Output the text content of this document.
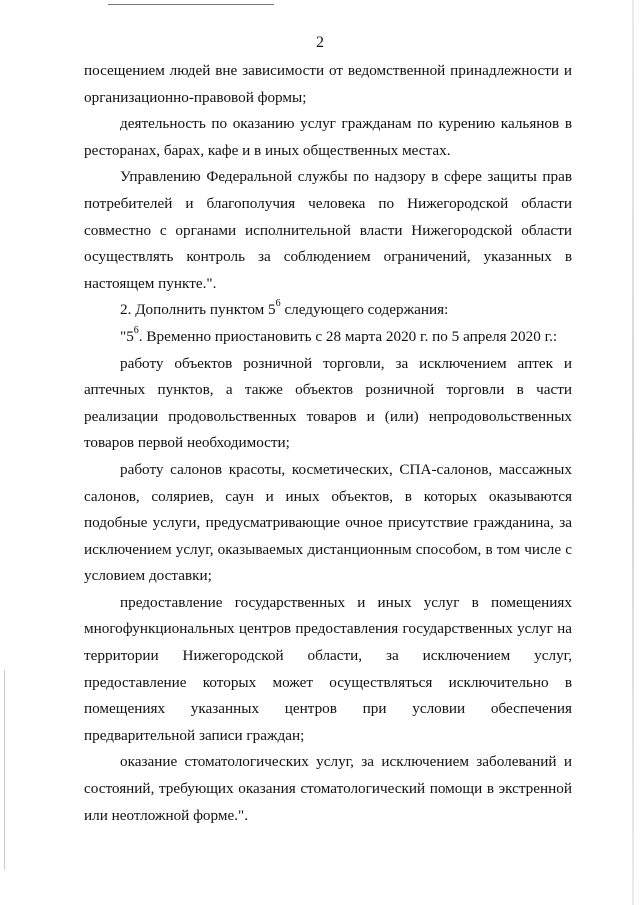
2

посещением людей вне зависимости от ведомственной принадлежности и организационно-правовой формы;

деятельность по оказанию услуг гражданам по курению кальянов в ресторанах, барах, кафе и в иных общественных местах.

Управлению Федеральной службы по надзору в сфере защиты прав потребителей и благополучия человека по Нижегородской области совместно с органами исполнительной власти Нижегородской области осуществлять контроль за соблюдением ограничений, указанных в настоящем пункте.".

2. Дополнить пунктом $5^6$ следующего содержания:

"$5^6$. Временно приостановить с 28 марта 2020 г. по 5 апреля 2020 г.:

работу объектов розничной торговли, за исключением аптек и аптечных пунктов, а также объектов розничной торговли в части реализации продовольственных товаров и (или) непродовольственных товаров первой необходимости;

работу салонов красоты, косметических, СПА-салонов, массажных салонов, соляриев, саун и иных объектов, в которых оказываются подобные услуги, предусматривающие очное присутствие гражданина, за исключением услуг, оказываемых дистанционным способом, в том числе с условием доставки;

предоставление государственных и иных услуг в помещениях многофункциональных центров предоставления государственных услуг на территории Нижегородской области, за исключением услуг, предоставление которых может осуществляться исключительно в помещениях указанных центров при условии обеспечения предварительной записи граждан;

оказание стоматологических услуг, за исключением заболеваний и состояний, требующих оказания стоматологический помощи в экстренной или неотложной форме.".
